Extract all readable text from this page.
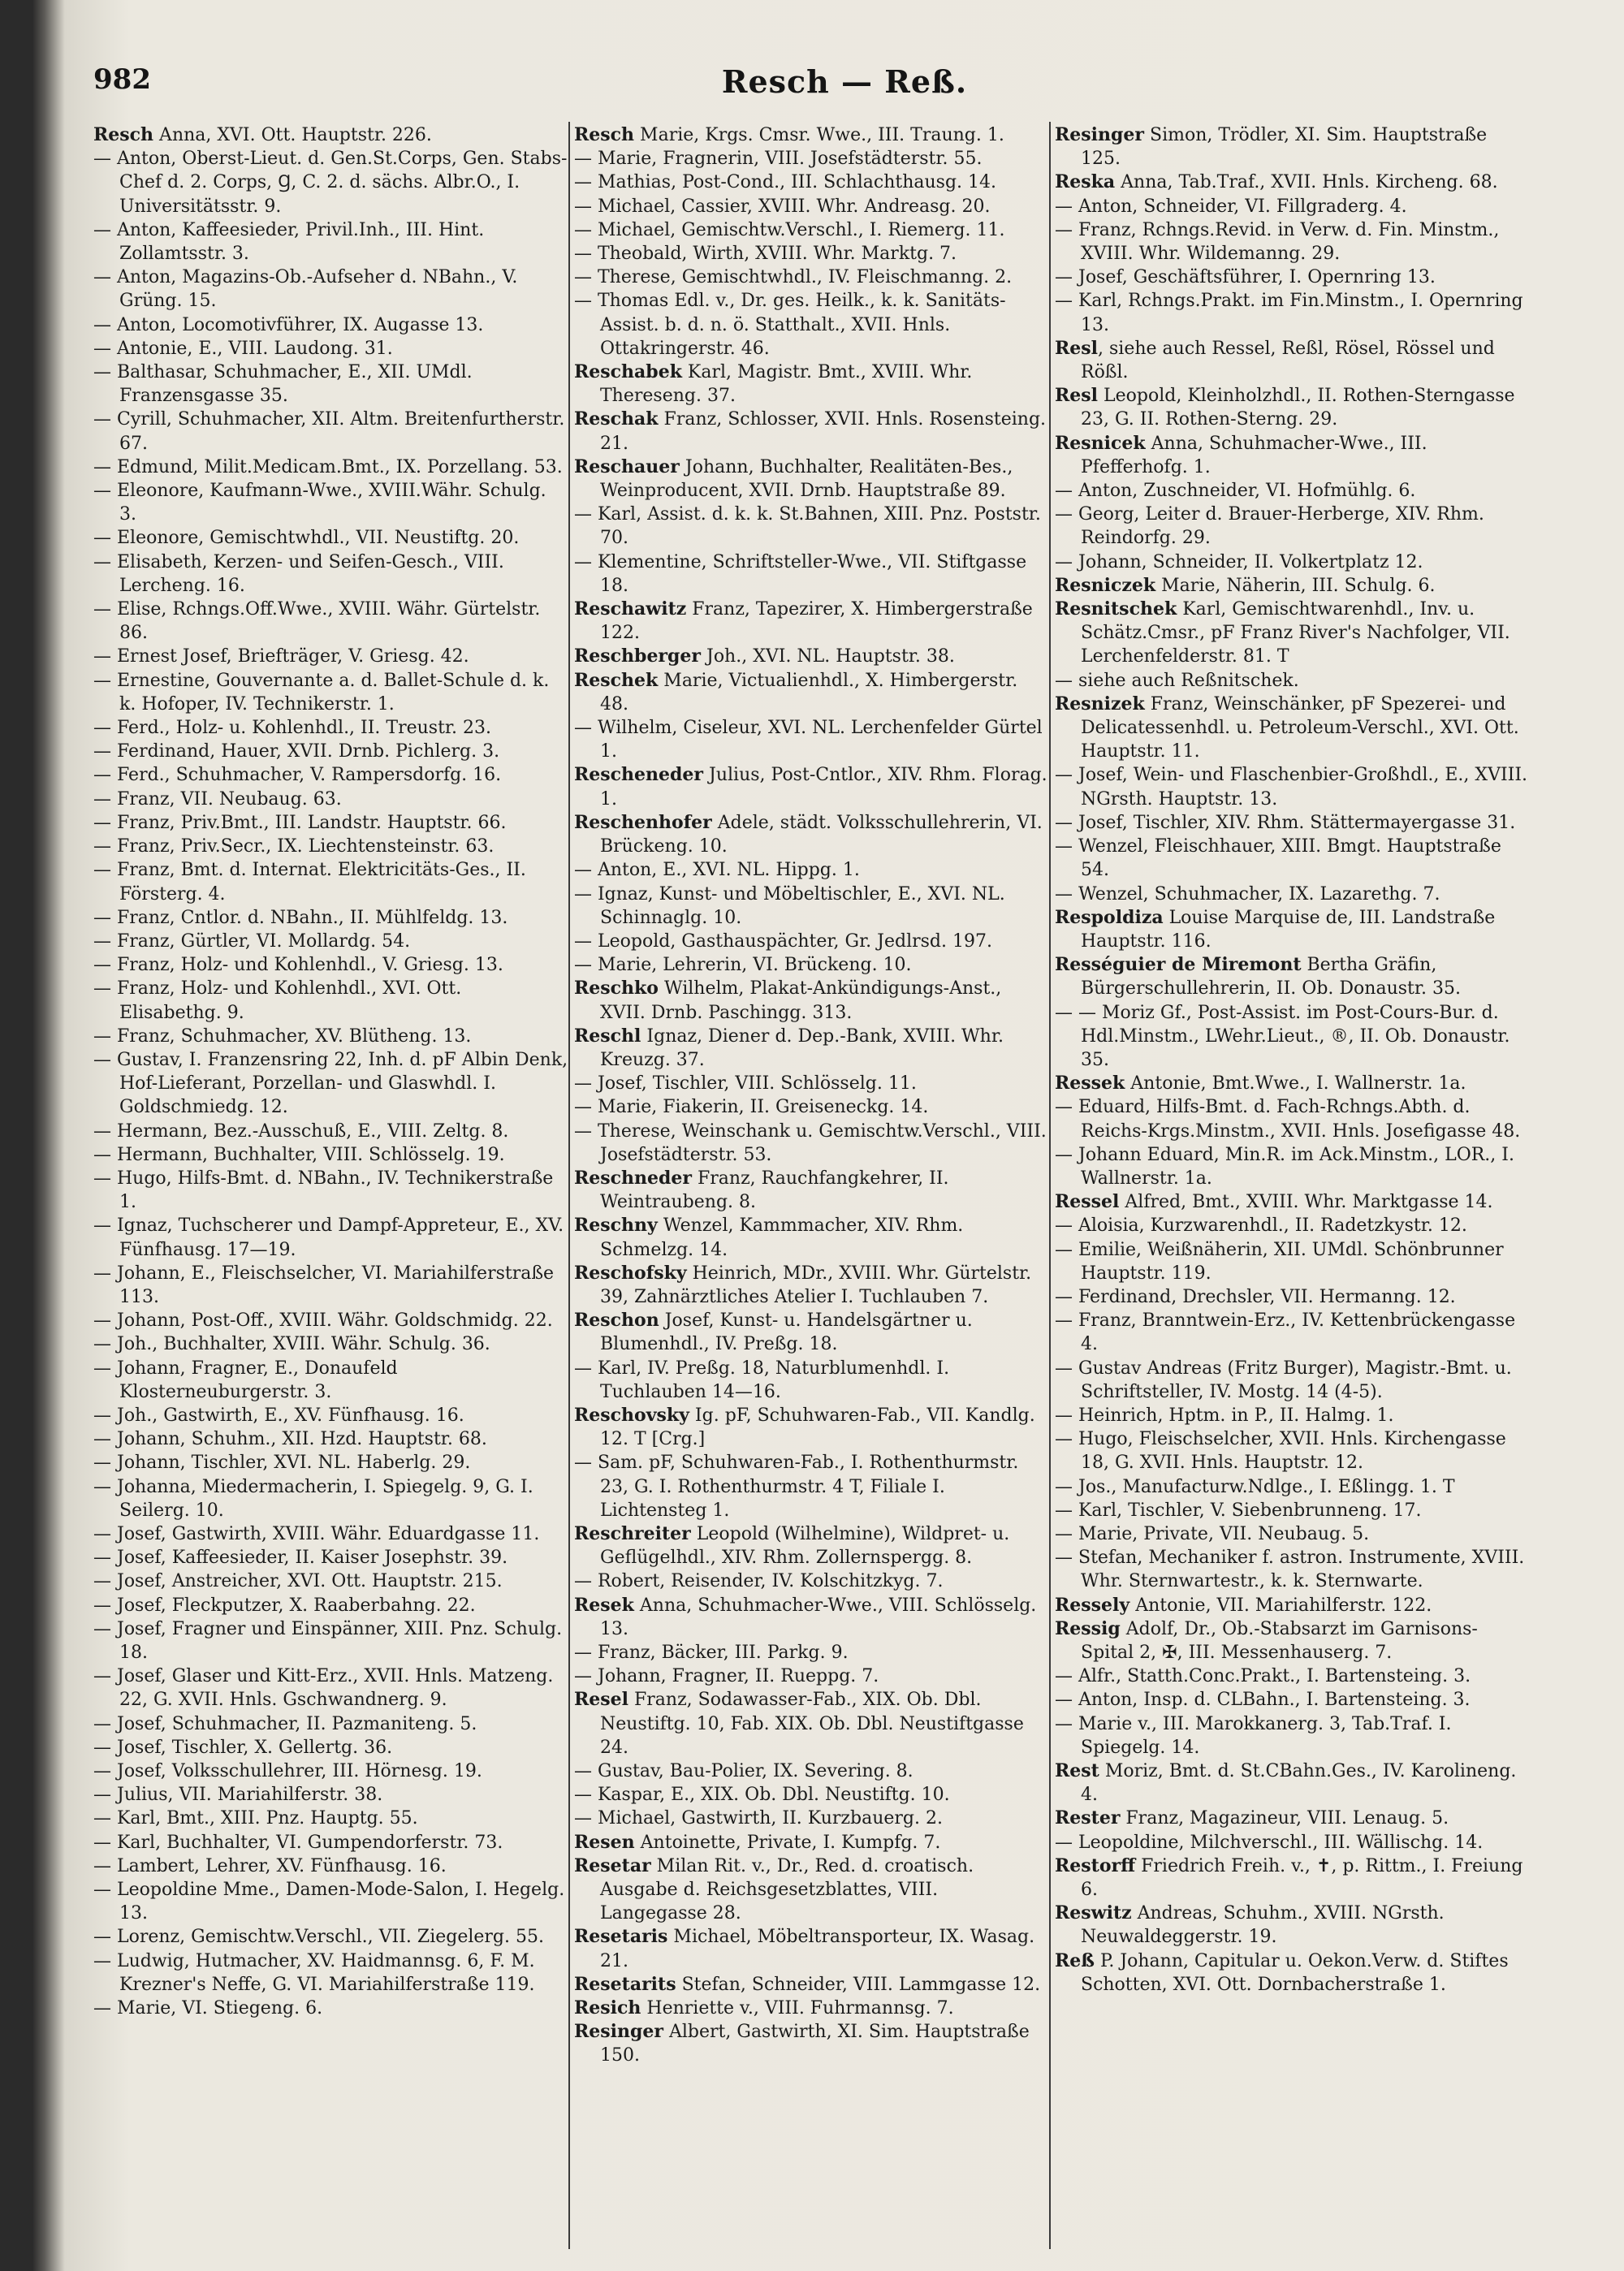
982	Resch — Reß.
Resch Anna, XVI. Ott. Hauptstr. 226.
— Anton, Oberst-Lieut. d. Gen.St.Corps, Gen. Stabs-Chef d. 2. Corps, Ɡ, C. 2. d. sächs. Albr.O., I. Universitätsstr. 9.
— Anton, Kaffeesieder, Privil.Inh., III. Hint. Zollamtsstr. 3.
— Anton, Magazins-Ob.-Aufseher d. NBahn., V. Grüng. 15.
— Anton, Locomotivführer, IX. Augasse 13.
— Antonie, E., VIII. Laudong. 31.
— Balthasar, Schuhmacher, E., XII. UMdl. Franzensgasse 35.
— Cyrill, Schuhmacher, XII. Altm. Breitenfurtherstr. 67.
— Edmund, Milit.Medicam.Bmt., IX. Porzellang. 53.
— Eleonore, Kaufmann-Wwe., XVIII.Währ. Schulg. 3.
— Eleonore, Gemischtwhdl., VII. Neustiftg. 20.
— Elisabeth, Kerzen- und Seifen-Gesch., VIII. Lercheng. 16.
— Elise, Rchngs.Off.Wwe., XVIII. Währ. Gürtelstr. 86.
— Ernest Josef, Briefträger, V. Griesg. 42.
— Ernestine, Gouvernante a. d. Ballet-Schule d. k. k. Hofoper, IV. Technikerstr. 1.
— Ferd., Holz- u. Kohlenhdl., II. Treustr. 23.
— Ferdinand, Hauer, XVII. Drnb. Pichlerg. 3.
— Ferd., Schuhmacher, V. Rampersdorfg. 16.
— Franz, VII. Neubaug. 63.
— Franz, Priv.Bmt., III. Landstr. Hauptstr. 66.
— Franz, Priv.Secr., IX. Liechtensteinstr. 63.
— Franz, Bmt. d. Internat. Elektricitäts-Ges., II. Försterg. 4.
— Franz, Cntlor. d. NBahn., II. Mühlfeldg. 13.
— Franz, Gürtler, VI. Mollardg. 54.
— Franz, Holz- und Kohlenhdl., V. Griesg. 13.
— Franz, Holz- und Kohlenhdl., XVI. Ott. Elisabethg. 9.
— Franz, Schuhmacher, XV. Blütheng. 13.
— Gustav, I. Franzensring 22, Inh. d. pF Albin Denk, Hof-Lieferant, Porzellan- und Glaswhdl. I. Goldschmiedg. 12.
— Hermann, Bez.-Ausschuß, E., VIII. Zeltg. 8.
— Hermann, Buchhalter, VIII. Schlösselg. 19.
— Hugo, Hilfs-Bmt. d. NBahn., IV. Technikerstraße 1.
— Ignaz, Tuchscherer und Dampf-Appreteur, E., XV. Fünfhausg. 17—19.
— Johann, E., Fleischselcher, VI. Mariahilferstraße 113.
— Johann, Post-Off., XVIII. Währ. Goldschmidg. 22.
— Joh., Buchhalter, XVIII. Währ. Schulg. 36.
— Johann, Fragner, E., Donaufeld Klosterneuburgerstr. 3.
— Joh., Gastwirth, E., XV. Fünfhausg. 16.
— Johann, Schuhm., XII. Hzd. Hauptstr. 68.
— Johann, Tischler, XVI. NL. Haberlg. 29.
— Johanna, Miedermacherin, I. Spiegelg. 9, G. I. Seilerg. 10.
— Josef, Gastwirth, XVIII. Währ. Eduardgasse 11.
— Josef, Kaffeesieder, II. Kaiser Josephstr. 39.
— Josef, Anstreicher, XVI. Ott. Hauptstr. 215.
— Josef, Fleckputzer, X. Raaberbahng. 22.
— Josef, Fragner und Einspänner, XIII. Pnz. Schulg. 18.
— Josef, Glaser und Kitt-Erz., XVII. Hnls. Matzeng. 22, G. XVII. Hnls. Gschwandnerg. 9.
— Josef, Schuhmacher, II. Pazmaniteng. 5.
— Josef, Tischler, X. Gellertg. 36.
— Josef, Volksschullehrer, III. Hörnesg. 19.
— Julius, VII. Mariahilferstr. 38.
— Karl, Bmt., XIII. Pnz. Hauptg. 55.
— Karl, Buchhalter, VI. Gumpendorferstr. 73.
— Lambert, Lehrer, XV. Fünfhausg. 16.
— Leopoldine Mme., Damen-Mode-Salon, I. Hegelg. 13.
— Lorenz, Gemischtw.Verschl., VII. Ziegelerg. 55.
— Ludwig, Hutmacher, XV. Haidmannsg. 6, F. M. Krezner's Neffe, G. VI. Mariahilferstraße 119.
— Marie, VI. Stiegeng. 6.
Resch Marie, Krgs. Cmsr. Wwe., III. Traung. 1.
— Marie, Fragnerin, VIII. Josefstädterstr. 55.
— Mathias, Post-Cond., III. Schlachthausg. 14.
— Michael, Cassier, XVIII. Whr. Andreasg. 20.
— Michael, Gemischtw.Verschl., I. Riemerg. 11.
— Theobald, Wirth, XVIII. Whr. Marktg. 7.
— Therese, Gemischtwhdl., IV. Fleischmanng. 2.
— Thomas Edl. v., Dr. ges. Heilk., k. k. Sanitäts-Assist. b. d. n. ö. Statthalt., XVII. Hnls. Ottakringerstr. 46.
Reschabek Karl, Magistr. Bmt., XVIII. Whr. Thereseng. 37.
Reschak Franz, Schlosser, XVII. Hnls. Rosensteing. 21.
Reschauer Johann, Buchhalter, Realitäten-Bes., Weinproducent, XVII. Drnb. Hauptstraße 89.
— Karl, Assist. d. k. k. St.Bahnen, XIII. Pnz. Poststr. 70.
— Klementine, Schriftsteller-Wwe., VII. Stiftgasse 18.
Reschawitz Franz, Tapezirer, X. Himbergerstraße 122.
Reschberger Joh., XVI. NL. Hauptstr. 38.
Reschek Marie, Victualienhdl., X. Himbergerstr. 48.
— Wilhelm, Ciseleur, XVI. NL. Lerchenfelder Gürtel 1.
Rescheneder Julius, Post-Cntlor., XIV. Rhm. Florag. 1.
Reschenhofer Adele, städt. Volksschullehrerin, VI. Brückeng. 10.
— Anton, E., XVI. NL. Hippg. 1.
— Ignaz, Kunst- und Möbeltischler, E., XVI. NL. Schinnaglg. 10.
— Leopold, Gasthauspächter, Gr. Jedlrsd. 197.
— Marie, Lehrerin, VI. Brückeng. 10.
Reschko Wilhelm, Plakat-Ankündigungs-Anst., XVII. Drnb. Paschingg. 313.
Reschl Ignaz, Diener d. Dep.-Bank, XVIII. Whr. Kreuzg. 37.
— Josef, Tischler, VIII. Schlösselg. 11.
— Marie, Fiakerin, II. Greiseneckg. 14.
— Therese, Weinschank u. Gemischtw.Verschl., VIII. Josefstädterstr. 53.
Reschneder Franz, Rauchfangkehrer, II. Weintraubeng. 8.
Reschny Wenzel, Kammmacher, XIV. Rhm. Schmelzg. 14.
Reschofsky Heinrich, MDr., XVIII. Whr. Gürtelstr. 39, Zahnärztliches Atelier I. Tuchlauben 7.
Reschon Josef, Kunst- u. Handelsgärtner u. Blumenhdl., IV. Preßg. 18.
— Karl, IV. Preßg. 18, Naturblumenhdl. I. Tuchlauben 14—16.
Reschovsky Ig. pF, Schuhwaren-Fab., VII. Kandlg. 12. T [Crg.]
— Sam. pF, Schuhwaren-Fab., I. Rothenthurmstr. 23, G. I. Rothenthurmstr. 4 T, Filiale I. Lichtensteg 1.
Reschreiter Leopold (Wilhelmine), Wildpret- u. Geflügelhdl., XIV. Rhm. Zollernspergg. 8.
— Robert, Reisender, IV. Kolschitzkyg. 7.
Resek Anna, Schuhmacher-Wwe., VIII. Schlösselg. 13.
— Franz, Bäcker, III. Parkg. 9.
— Johann, Fragner, II. Rueppg. 7.
Resel Franz, Sodawasser-Fab., XIX. Ob. Dbl. Neustiftg. 10, Fab. XIX. Ob. Dbl. Neustiftgasse 24.
— Gustav, Bau-Polier, IX. Severing. 8.
— Kaspar, E., XIX. Ob. Dbl. Neustiftg. 10.
— Michael, Gastwirth, II. Kurzbauerg. 2.
Resen Antoinette, Private, I. Kumpfg. 7.
Resetar Milan Rit. v., Dr., Red. d. croatisch. Ausgabe d. Reichsgesetzblattes, VIII. Langegasse 28.
Resetaris Michael, Möbeltransporteur, IX. Wasag. 21.
Resetarits Stefan, Schneider, VIII. Lammgasse 12.
Resich Henriette v., VIII. Fuhrmannsg. 7.
Resinger Albert, Gastwirth, XI. Sim. Hauptstraße 150.
Resinger Simon, Trödler, XI. Sim. Hauptstraße 125.
Reska Anna, Tab.Traf., XVII. Hnls. Kircheng. 68.
— Anton, Schneider, VI. Fillgraderg. 4.
— Franz, Rchngs.Revid. in Verw. d. Fin. Minstm., XVIII. Whr. Wildemanng. 29.
— Josef, Geschäftsführer, I. Opernring 13.
— Karl, Rchngs.Prakt. im Fin.Minstm., I. Opernring 13.
Resl, siehe auch Ressel, Reßl, Rösel, Rössel und Rößl.
Resl Leopold, Kleinholzhdl., II. Rothen-Sterngasse 23, G. II. Rothen-Sterng. 29.
Resnicek Anna, Schuhmacher-Wwe., III. Pfefferhofg. 1.
— Anton, Zuschneider, VI. Hofmühlg. 6.
— Georg, Leiter d. Brauer-Herberge, XIV. Rhm. Reindorfg. 29.
— Johann, Schneider, II. Volkertplatz 12.
Resniczek Marie, Näherin, III. Schulg. 6.
Resnitschek Karl, Gemischtwarenhdl., Inv. u. Schätz.Cmsr., pF Franz River's Nachfolger, VII. Lerchenfelderstr. 81. T
— siehe auch Reßnitschek.
Resnizek Franz, Weinschänker, pF Spezerei- und Delicatessenhdl. u. Petroleum-Verschl., XVI. Ott. Hauptstr. 11.
— Josef, Wein- und Flaschenbier-Großhdl., E., XVIII. NGrsth. Hauptstr. 13.
— Josef, Tischler, XIV. Rhm. Stättermayergasse 31.
— Wenzel, Fleischhauer, XIII. Bmgt. Hauptstraße 54.
— Wenzel, Schuhmacher, IX. Lazarethg. 7.
Respoldiza Louise Marquise de, III. Landstraße Hauptstr. 116.
Rességuier de Miremont Bertha Gräfin, Bürgerschullehrerin, II. Ob. Donaustr. 35.
— — Moriz Gf., Post-Assist. im Post-Cours-Bur. d. Hdl.Minstm., LWehr.Lieut., ®, II. Ob. Donaustr. 35.
Ressek Antonie, Bmt.Wwe., I. Wallnerstr. 1a.
— Eduard, Hilfs-Bmt. d. Fach-Rchngs.Abth. d. Reichs-Krgs.Minstm., XVII. Hnls. Josefigasse 48.
— Johann Eduard, Min.R. im Ack.Minstm., LOR., I. Wallnerstr. 1a.
Ressel Alfred, Bmt., XVIII. Whr. Marktgasse 14.
— Aloisia, Kurzwarenhdl., II. Radetzkystr. 12.
— Emilie, Weißnäherin, XII. UMdl. Schönbrunner Hauptstr. 119.
— Ferdinand, Drechsler, VII. Hermanng. 12.
— Franz, Branntwein-Erz., IV. Kettenbrückengasse 4.
— Gustav Andreas (Fritz Burger), Magistr.-Bmt. u. Schriftsteller, IV. Mostg. 14 (4-5).
— Heinrich, Hptm. in P., II. Halmg. 1.
— Hugo, Fleischselcher, XVII. Hnls. Kirchengasse 18, G. XVII. Hnls. Hauptstr. 12.
— Jos., Manufacturw.Ndlge., I. Eßlingg. 1. T
— Karl, Tischler, V. Siebenbrunneng. 17.
— Marie, Private, VII. Neubaug. 5.
— Stefan, Mechaniker f. astron. Instrumente, XVIII. Whr. Sternwartestr., k. k. Sternwarte.
Ressely Antonie, VII. Mariahilferstr. 122.
Ressig Adolf, Dr., Ob.-Stabsarzt im Garnisons-Spital 2, ✠, III. Messenhauserg. 7.
— Alfr., Statth.Conc.Prakt., I. Bartensteing. 3.
— Anton, Insp. d. CLBahn., I. Bartensteing. 3.
— Marie v., III. Marokkanerg. 3, Tab.Traf. I. Spiegelg. 14.
Rest Moriz, Bmt. d. St.CBahn.Ges., IV. Karolineng. 4.
Rester Franz, Magazineur, VIII. Lenaug. 5.
— Leopoldine, Milchverschl., III. Wällischg. 14.
Restorff Friedrich Freih. v., ✝, p. Rittm., I. Freiung 6.
Reswitz Andreas, Schuhm., XVIII. NGrsth. Neuwaldeggerstr. 19.
Reß P. Johann, Capitular u. Oekon.Verw. d. Stiftes Schotten, XVI. Ott. Dornbacherstraße 1.
